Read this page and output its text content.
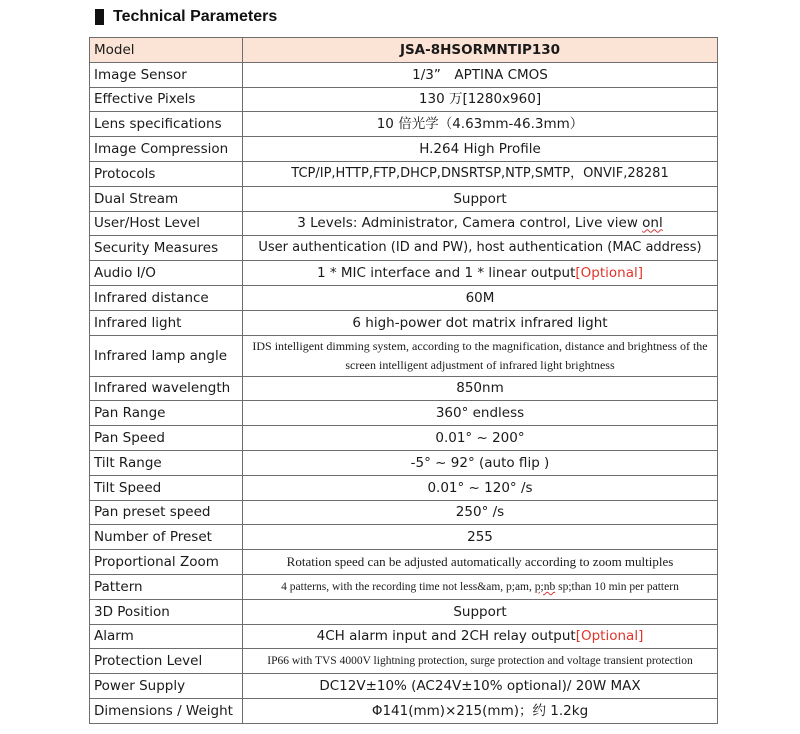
Technical Parameters
Model	JSA-8HSORMNTIP130
Image Sensor	1/3”　APTINA CMOS
Effective Pixels	130 万[1280x960]
Lens specifications	10 倍光学（4.63mm-46.3mm）
Image Compression	H.264 High Profile
Protocols	TCP/IP,HTTP,FTP,DHCP,DNSRTSP,NTP,SMTP，ONVIF,28281
Dual Stream	Support
User/Host Level	3 Levels: Administrator, Camera control, Live view onl
Security Measures	User authentication (ID and PW), host authentication (MAC address)
Audio I/O	1 * MIC interface and 1 * linear output[Optional]
Infrared distance	60M
Infrared light	6 high-power dot matrix infrared light
Infrared lamp angle	IDS intelligent dimming system, according to the magnification, distance and brightness of the screen intelligent adjustment of infrared light brightness
Infrared wavelength	850nm
Pan Range	360° endless
Pan Speed	0.01° ~ 200°
Tilt Range	-5° ~ 92° (auto flip )
Tilt Speed	0.01° ~ 120° /s
Pan preset speed	250° /s
Number of Preset	255
Proportional Zoom	Rotation speed can be adjusted automatically according to zoom multiples
Pattern	4 patterns, with the recording time not less&am, p;am, p;nb sp;than 10 min per pattern
3D Position	Support
Alarm	4CH alarm input and 2CH relay output[Optional]
Protection Level	IP66 with TVS 4000V lightning protection, surge protection and voltage transient protection
Power Supply	DC12V±10% (AC24V±10% optional)/ 20W MAX
Dimensions / Weight	Φ141(mm)×215(mm)；约 1.2kg
